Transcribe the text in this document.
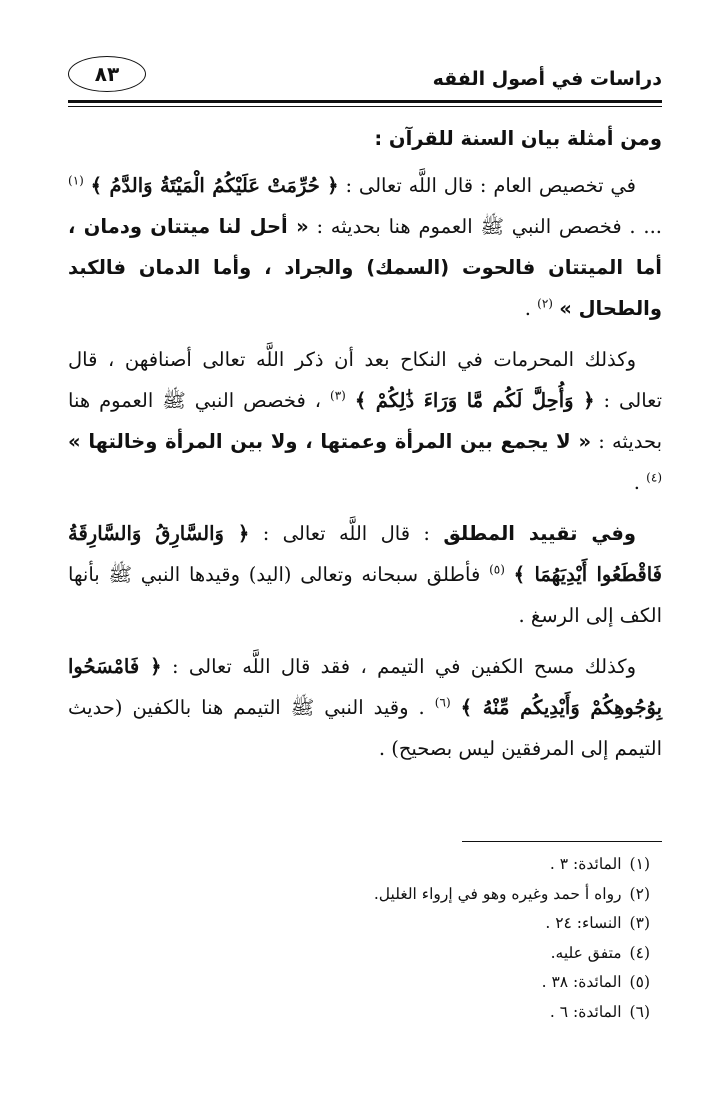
دراسات في أصول الفقه
٨٣

ومن أمثلة بيان السنة للقرآن :

في تخصيص العام : قال اللَّه تعالى : ﴿ حُرِّمَتْ عَلَيْكُمُ الْمَيْتَةُ وَالدَّمُ ﴾ $^{(١)}$ ... . فخصص النبي ﷺ العموم هنا بحديثه : « أحل لنا ميتتان ودمان ، أما الميتتان فالحوت (السمك) والجراد ، وأما الدمان فالكبد والطحال » $^{(٢)}$ .

وكذلك المحرمات في النكاح بعد أن ذكر اللَّه تعالى أصنافهن ، قال تعالى : ﴿ وَأُحِلَّ لَكُم مَّا وَرَاءَ ذَٰلِكُمْ ﴾ $^{(٣)}$ ، فخصص النبي ﷺ العموم هنا بحديثه : « لا يجمع بين المرأة وعمتها ، ولا بين المرأة وخالتها » $^{(٤)}$ .

وفي تقييد المطلق : قال اللَّه تعالى : ﴿ وَالسَّارِقُ وَالسَّارِقَةُ فَاقْطَعُوا أَيْدِيَهُمَا ﴾ $^{(٥)}$ فأطلق سبحانه وتعالى (اليد) وقيدها النبي ﷺ بأنها الكف إلى الرسغ .

وكذلك مسح الكفين في التيمم ، فقد قال اللَّه تعالى : ﴿ فَامْسَحُوا بِوُجُوهِكُمْ وَأَيْدِيكُم مِّنْهُ ﴾ $^{(٦)}$ . وقيد النبي ﷺ التيمم هنا بالكفين (حديث التيمم إلى المرفقين ليس بصحيح) .

(١)المائدة: ٣ .
(٢)رواه أ حمد وغيره وهو في إرواء الغليل.
(٣)النساء: ٢٤ .
(٤)متفق عليه.
(٥)المائدة: ٣٨ .
(٦)المائدة: ٦ .
